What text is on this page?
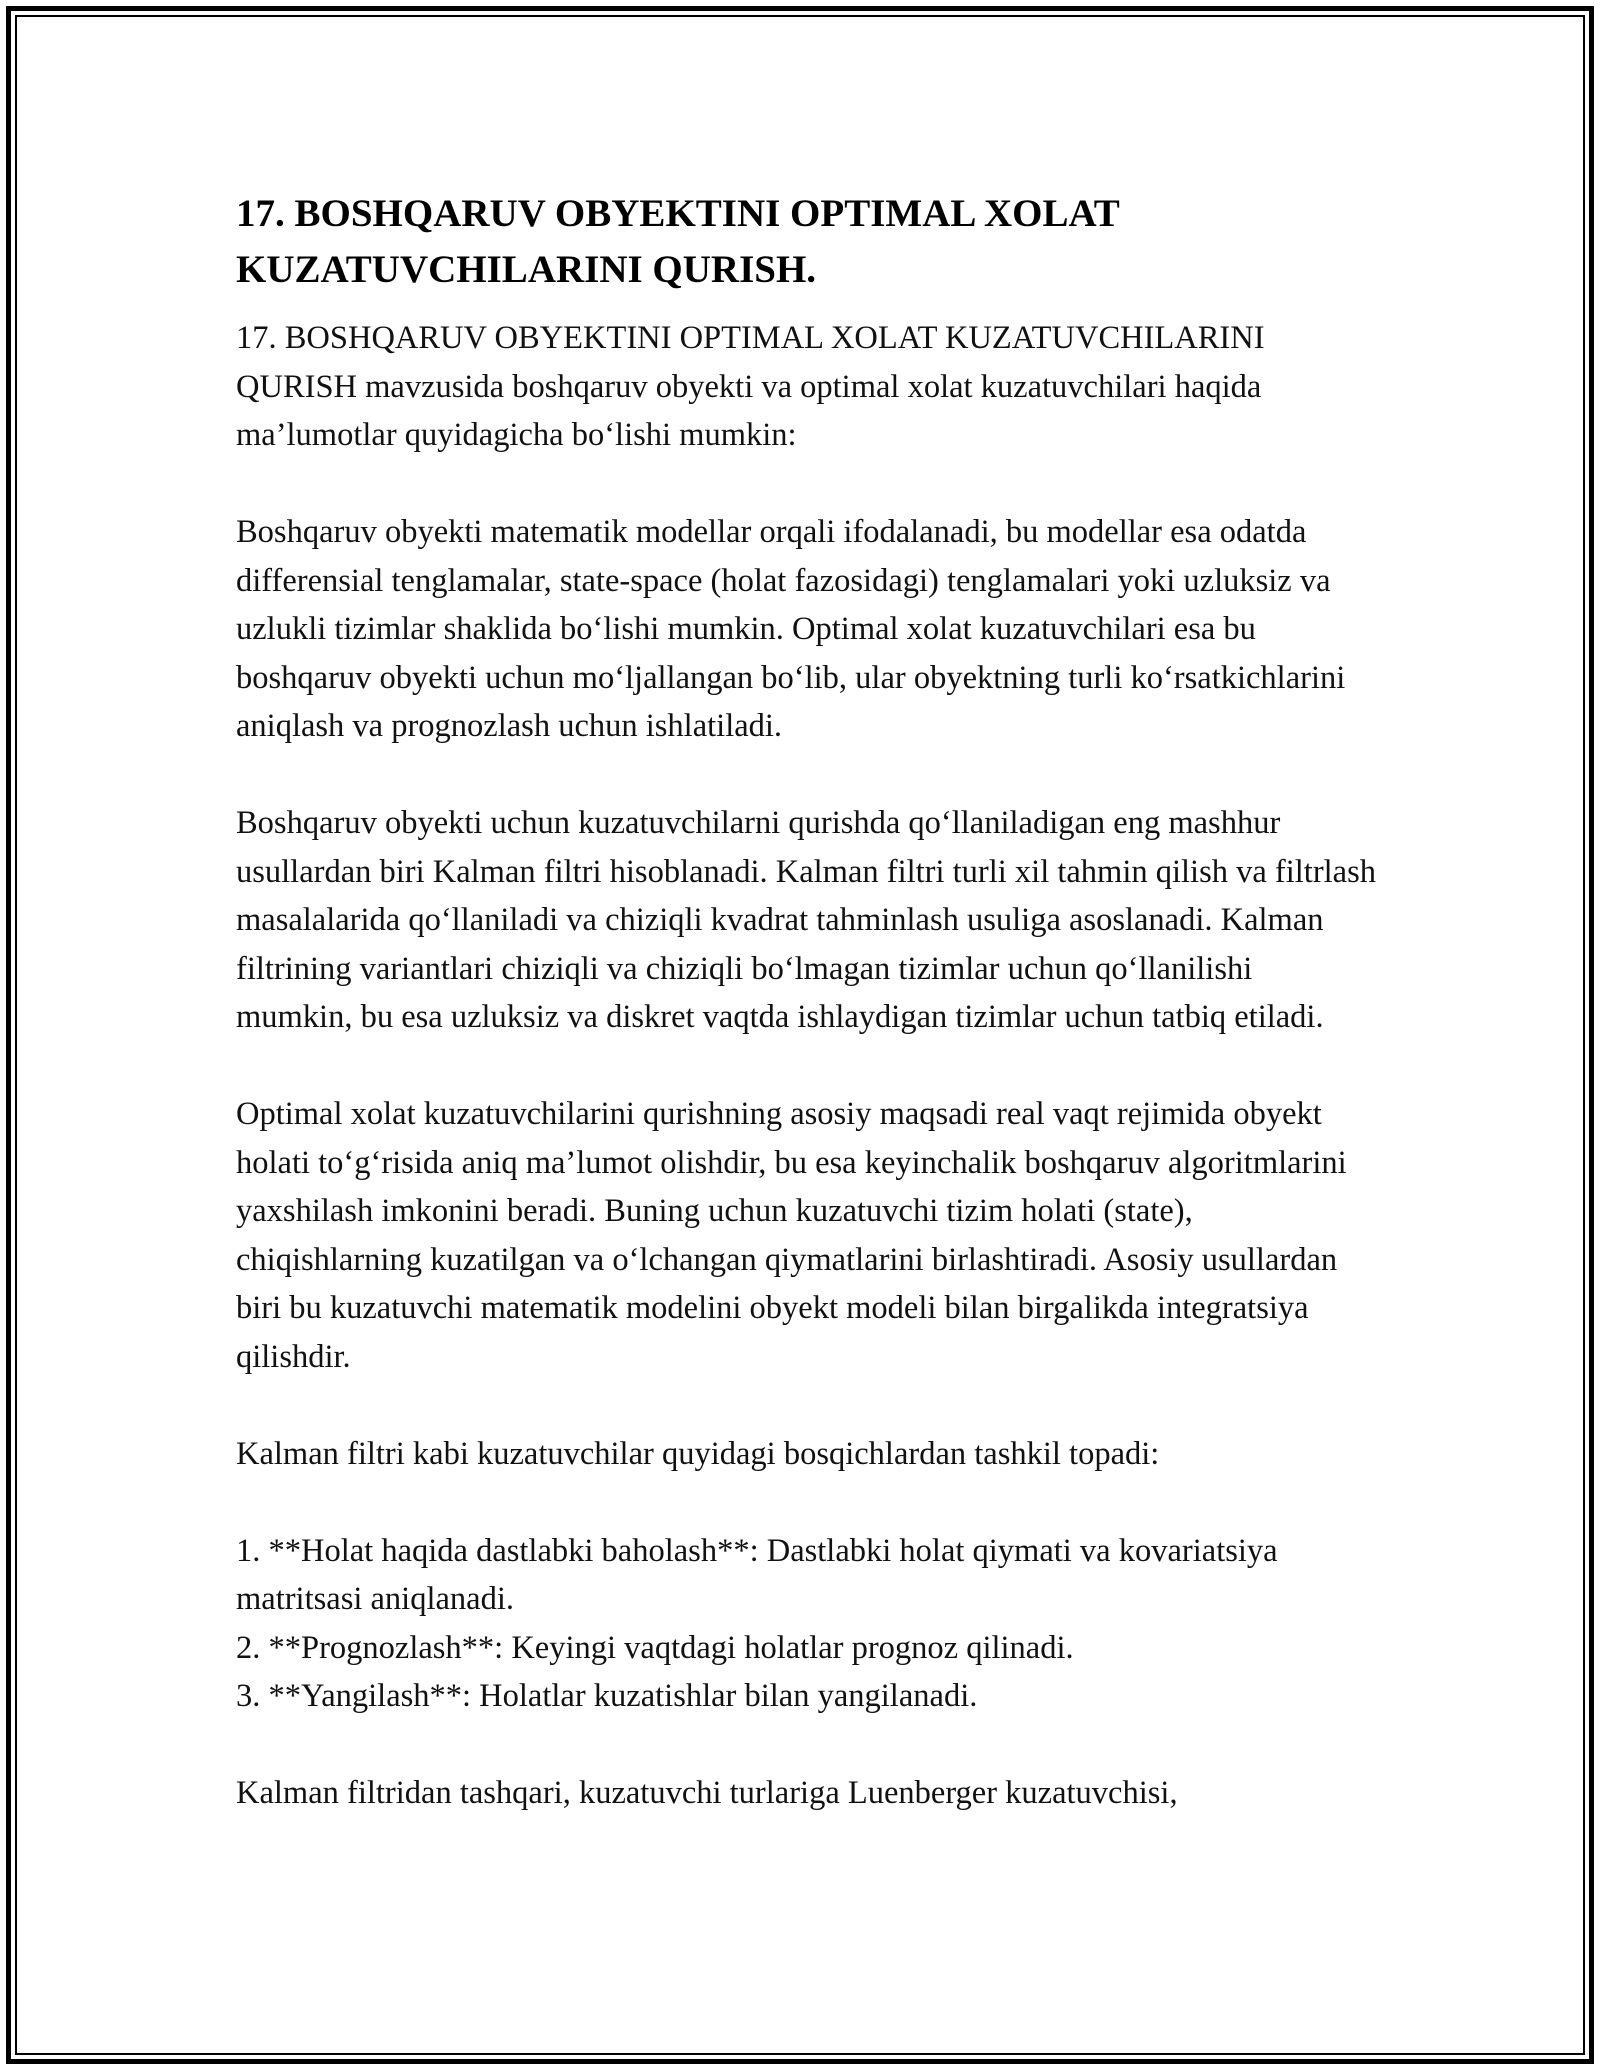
17. BOSHQARUV OBYEKTINI OPTIMAL XOLAT KUZATUVCHILARINI QURISH.

17. BOSHQARUV OBYEKTINI OPTIMAL XOLAT KUZATUVCHILARINI QURISH mavzusida boshqaruv obyekti va optimal xolat kuzatuvchilari haqida ma’lumotlar quyidagicha bo‘lishi mumkin:

Boshqaruv obyekti matematik modellar orqali ifodalanadi, bu modellar esa odatda differensial tenglamalar, state-space (holat fazosidagi) tenglamalari yoki uzluksiz va uzlukli tizimlar shaklida bo‘lishi mumkin. Optimal xolat kuzatuvchilari esa bu boshqaruv obyekti uchun mo‘ljallangan bo‘lib, ular obyektning turli ko‘rsatkichlarini aniqlash va prognozlash uchun ishlatiladi.

Boshqaruv obyekti uchun kuzatuvchilarni qurishda qo‘llaniladigan eng mashhur usullardan biri Kalman filtri hisoblanadi. Kalman filtri turli xil tahmin qilish va filtrlash masalalarida qo‘llaniladi va chiziqli kvadrat tahminlash usuliga asoslanadi. Kalman filtrining variantlari chiziqli va chiziqli bo‘lmagan tizimlar uchun qo‘llanilishi mumkin, bu esa uzluksiz va diskret vaqtda ishlaydigan tizimlar uchun tatbiq etiladi.

Optimal xolat kuzatuvchilarini qurishning asosiy maqsadi real vaqt rejimida obyekt holati to‘g‘risida aniq ma’lumot olishdir, bu esa keyinchalik boshqaruv algoritmlarini yaxshilash imkonini beradi. Buning uchun kuzatuvchi tizim holati (state), chiqishlarning kuzatilgan va o‘lchangan qiymatlarini birlashtiradi. Asosiy usullardan biri bu kuzatuvchi matematik modelini obyekt modeli bilan birgalikda integratsiya qilishdir.

Kalman filtri kabi kuzatuvchilar quyidagi bosqichlardan tashkil topadi:

1. **Holat haqida dastlabki baholash**: Dastlabki holat qiymati va kovariatsiya matritsasi aniqlanadi.

2. **Prognozlash**: Keyingi vaqtdagi holatlar prognoz qilinadi.

3. **Yangilash**: Holatlar kuzatishlar bilan yangilanadi.

Kalman filtridan tashqari, kuzatuvchi turlariga Luenberger kuzatuvchisi,
